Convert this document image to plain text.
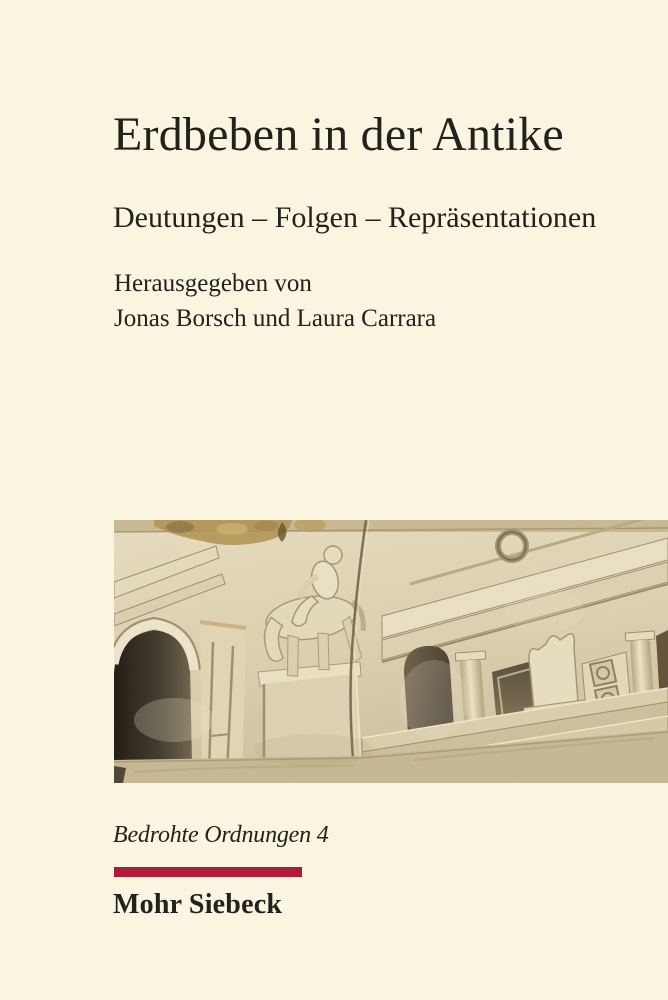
Erdbeben in der Antike
Deutungen – Folgen – Repräsentationen
Herausgegeben von
Jonas Borsch und Laura Carrara
Bedrohte Ordnungen 4
Mohr Siebeck
